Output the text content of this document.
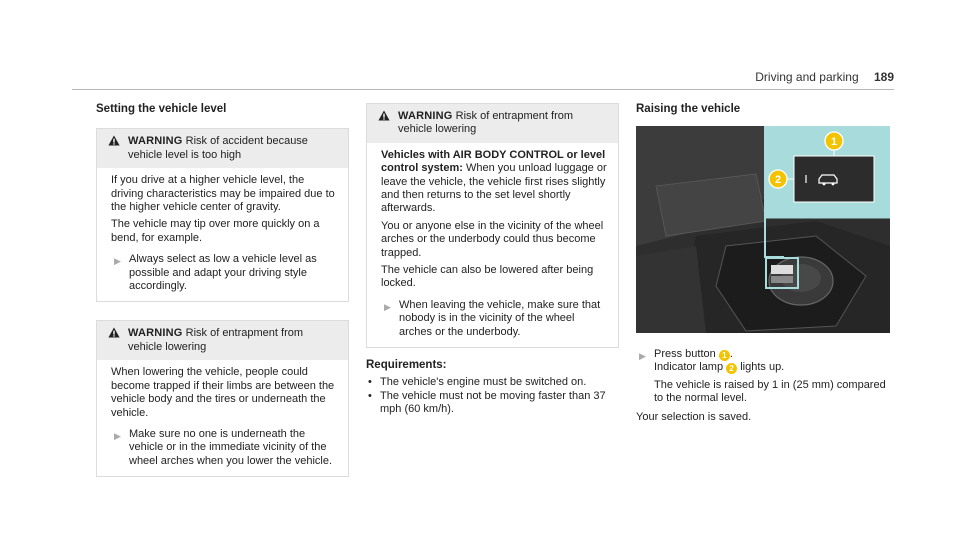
Driving and parking 189

Setting the vehicle level

WARNING Risk of accident because vehicle level is too high

If you drive at a higher vehicle level, the driving characteristics may be impaired due to the higher vehicle center of gravity.

The vehicle may tip over more quickly on a bend, for example.

▶ Always select as low a vehicle level as possible and adapt your driving style accordingly.
WARNING Risk of entrapment from vehicle lowering

When lowering the vehicle, people could become trapped if their limbs are between the vehicle body and the tires or underneath the vehicle.

▶ Make sure no one is underneath the vehicle or in the immediate vicinity of the wheel arches when you lower the vehicle.
WARNING Risk of entrapment from vehicle lowering

Vehicles with AIR BODY CONTROL or level control system: When you unload luggage or leave the vehicle, the vehicle first rises slightly and then returns to the set level shortly afterwards.

You or anyone else in the vicinity of the wheel arches or the underbody could thus become trapped.

The vehicle can also be lowered after being locked.

▶ When leaving the vehicle, make sure that nobody is in the vicinity of the wheel arches or the underbody.

Requirements:

• The vehicle's engine must be switched on.
• The vehicle must not be moving faster than 37 mph (60 km/h).

Raising the vehicle

1
2
▶ Press button 1 .
Indicator lamp 2 lights up.

The vehicle is raised by 1 in (25 mm) compared to the normal level.

Your selection is saved.
